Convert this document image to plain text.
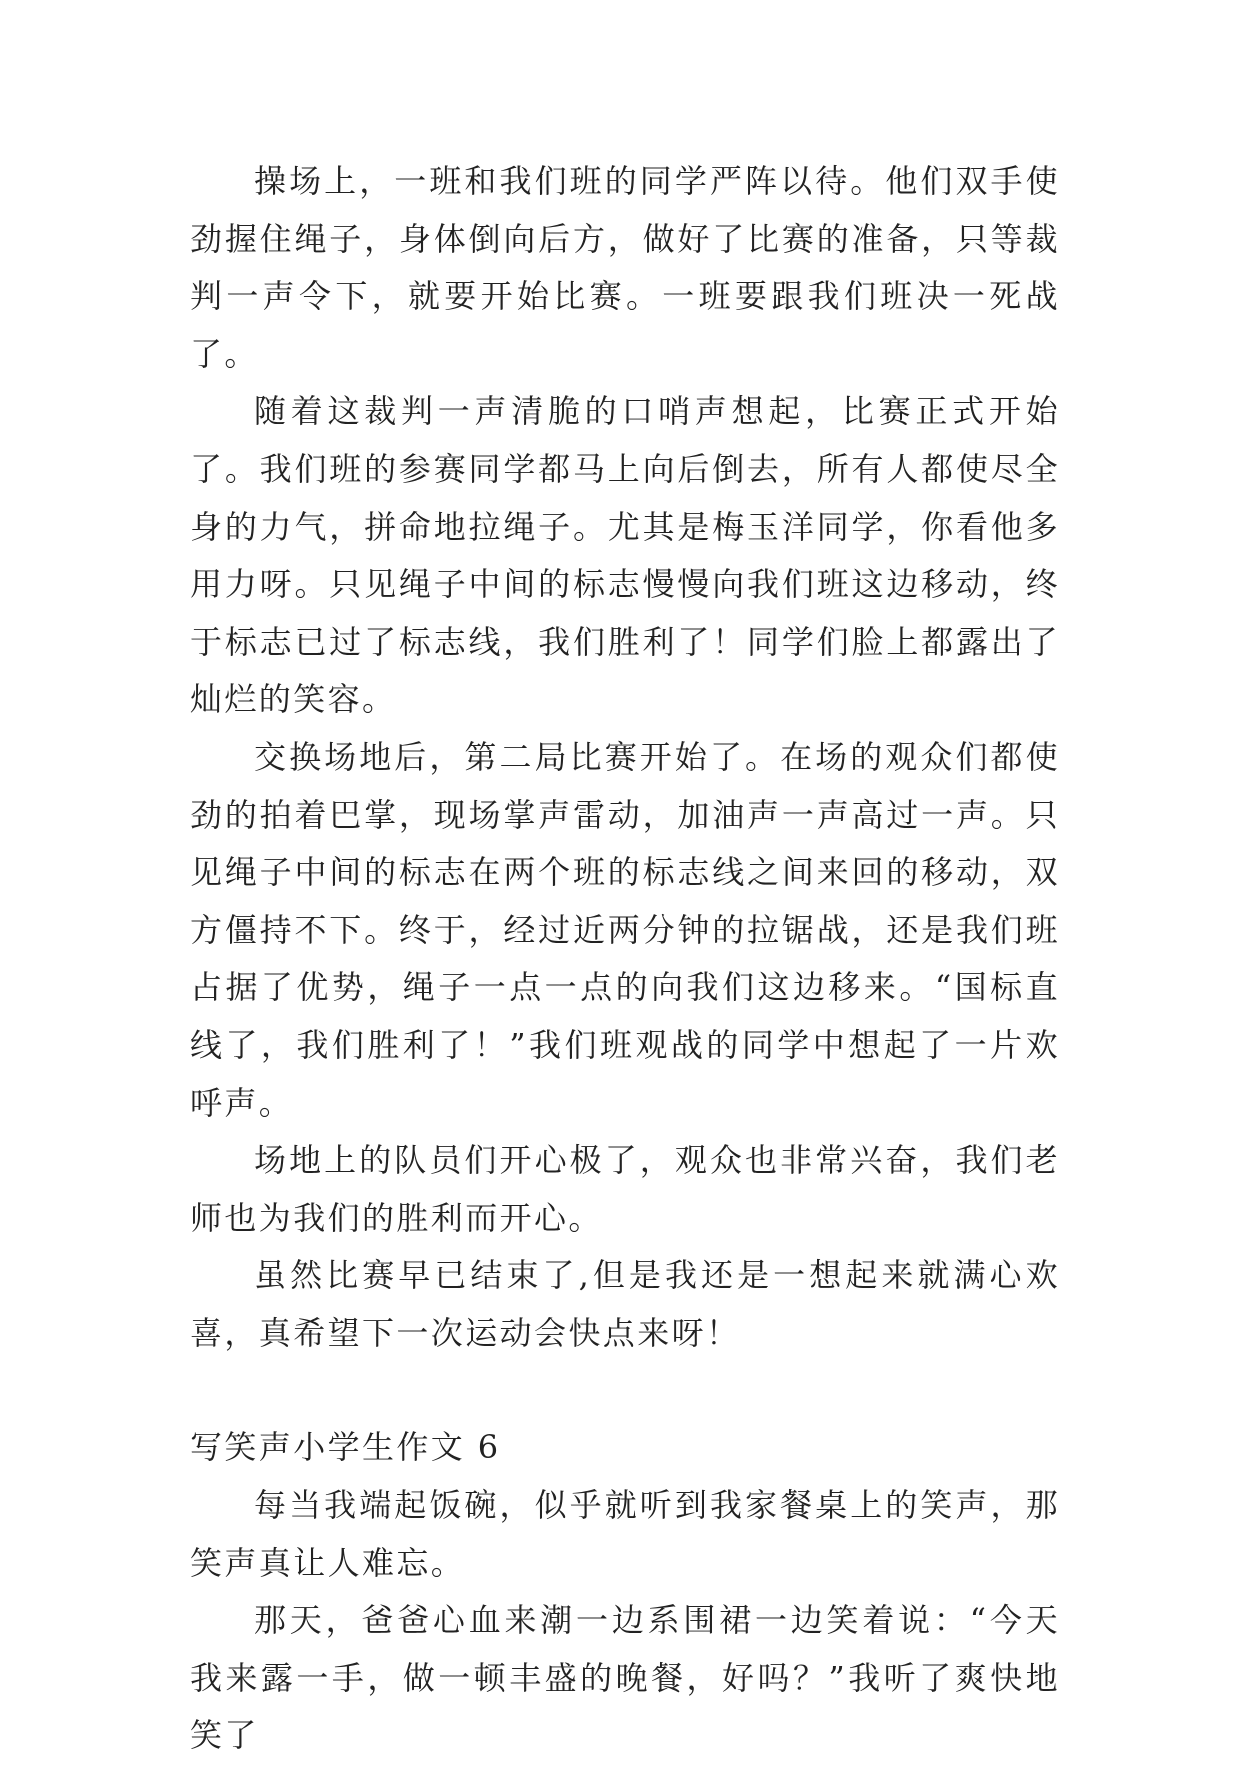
操场上，一班和我们班的同学严阵以待。他们双手使劲握住绳子，身体倒向后方，做好了比赛的准备，只等裁判一声令下，就要开始比赛。一班要跟我们班决一死战了。

随着这裁判一声清脆的口哨声想起，比赛正式开始了。我们班的参赛同学都马上向后倒去，所有人都使尽全身的力气，拼命地拉绳子。尤其是梅玉洋同学，你看他多用力呀。只见绳子中间的标志慢慢向我们班这边移动，终于标志已过了标志线，我们胜利了！同学们脸上都露出了灿烂的笑容。

交换场地后，第二局比赛开始了。在场的观众们都使劲的拍着巴掌，现场掌声雷动，加油声一声高过一声。只见绳子中间的标志在两个班的标志线之间来回的移动，双方僵持不下。终于，经过近两分钟的拉锯战，还是我们班占据了优势，绳子一点一点的向我们这边移来。“国标直线了，我们胜利了！”我们班观战的同学中想起了一片欢呼声。

场地上的队员们开心极了，观众也非常兴奋，我们老师也为我们的胜利而开心。

虽然比赛早已结束了,但是我还是一想起来就满心欢喜，真希望下一次运动会快点来呀！

写笑声小学生作文 6

每当我端起饭碗，似乎就听到我家餐桌上的笑声，那笑声真让人难忘。

那天，爸爸心血来潮一边系围裙一边笑着说：“今天我来露一手，做一顿丰盛的晚餐，好吗？”我听了爽快地笑了
